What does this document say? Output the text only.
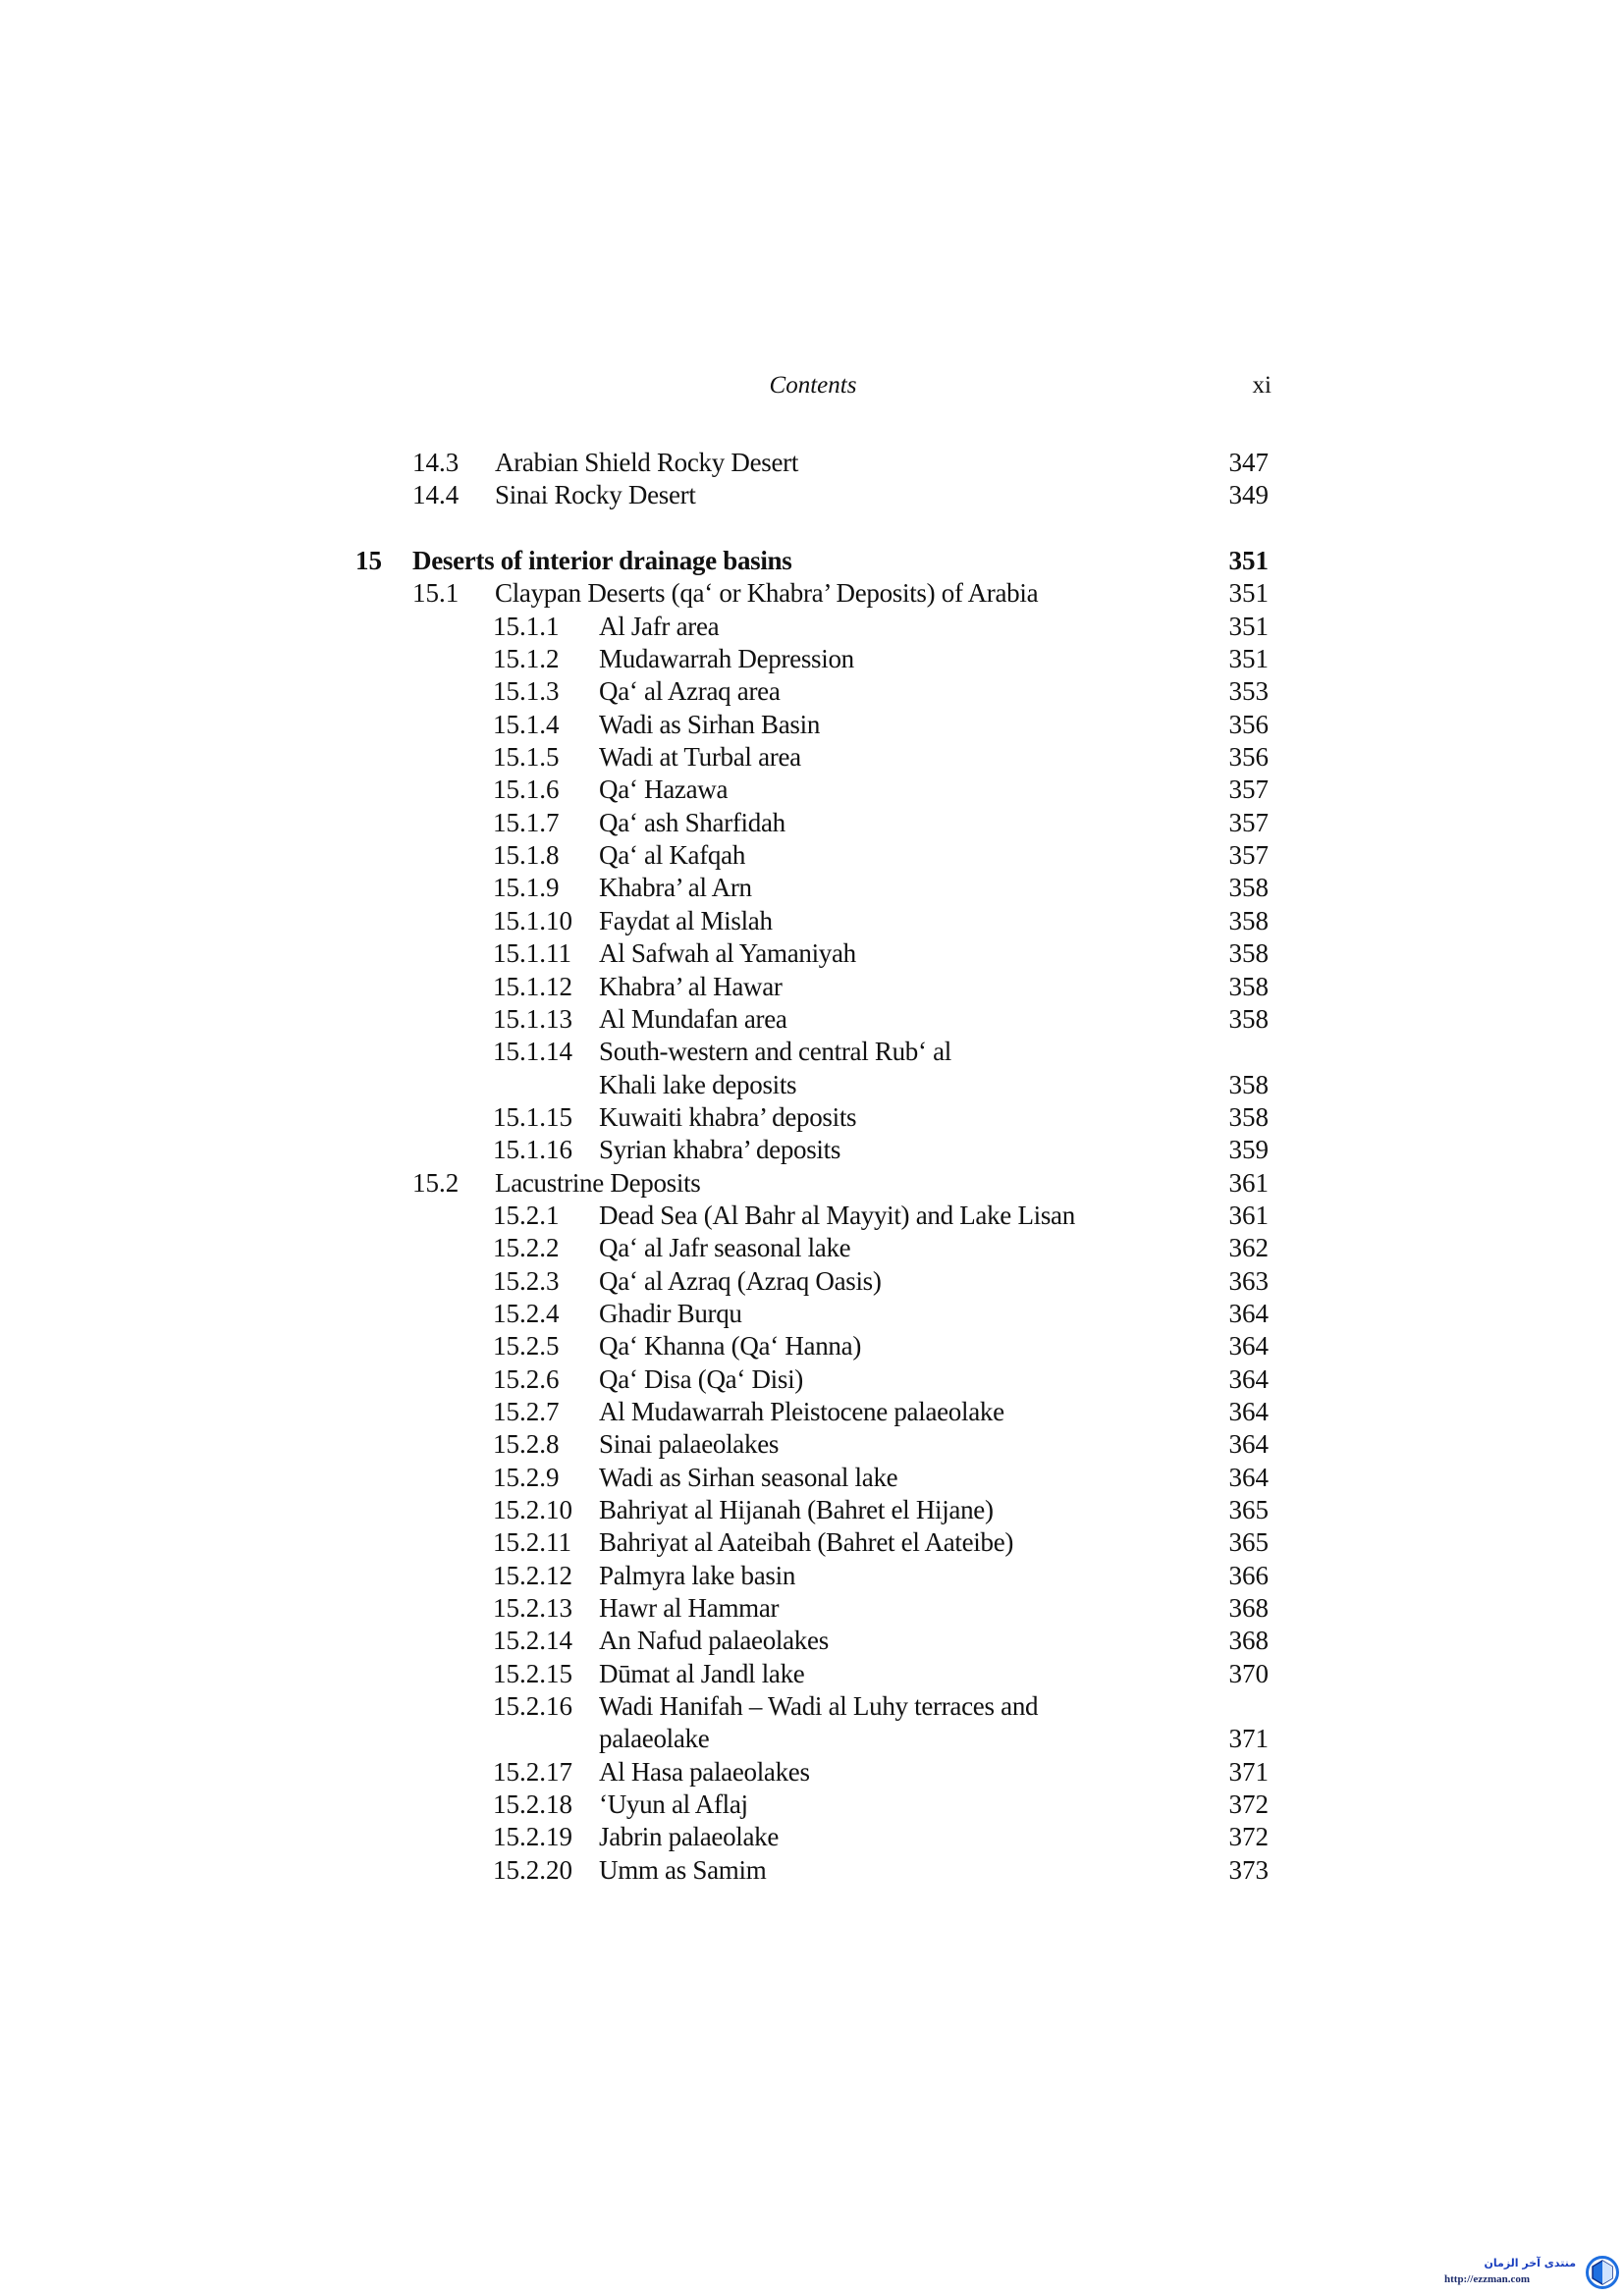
Contents	xi
14.3 Arabian Shield Rocky Desert	347
14.4 Sinai Rocky Desert	349
15 Deserts of interior drainage basins	351
15.1 Claypan Deserts (qa‘ or Khabra’ Deposits) of Arabia	351
15.1.1 Al Jafr area	351
15.1.2 Mudawarrah Depression	351
15.1.3 Qa‘ al Azraq area	353
15.1.4 Wadi as Sirhan Basin	356
15.1.5 Wadi at Turbal area	356
15.1.6 Qa‘ Hazawa	357
15.1.7 Qa‘ ash Sharfidah	357
15.1.8 Qa‘ al Kafqah	357
15.1.9 Khabra’ al Arn	358
15.1.10 Faydat al Mislah	358
15.1.11 Al Safwah al Yamaniyah	358
15.1.12 Khabra’ al Hawar	358
15.1.13 Al Mundafan area	358
15.1.14 South-western and central Rub‘ al
Khali lake deposits	358
15.1.15 Kuwaiti khabra’ deposits	358
15.1.16 Syrian khabra’ deposits	359
15.2 Lacustrine Deposits	361
15.2.1 Dead Sea (Al Bahr al Mayyit) and Lake Lisan	361
15.2.2 Qa‘ al Jafr seasonal lake	362
15.2.3 Qa‘ al Azraq (Azraq Oasis)	363
15.2.4 Ghadir Burqu	364
15.2.5 Qa‘ Khanna (Qa‘ Hanna)	364
15.2.6 Qa‘ Disa (Qa‘ Disi)	364
15.2.7 Al Mudawarrah Pleistocene palaeolake	364
15.2.8 Sinai palaeolakes	364
15.2.9 Wadi as Sirhan seasonal lake	364
15.2.10 Bahriyat al Hijanah (Bahret el Hijane)	365
15.2.11 Bahriyat al Aateibah (Bahret el Aateibe)	365
15.2.12 Palmyra lake basin	366
15.2.13 Hawr al Hammar	368
15.2.14 An Nafud palaeolakes	368
15.2.15 Dūmat al Jandl lake	370
15.2.16 Wadi Hanifah – Wadi al Luhy terraces and
palaeolake	371
15.2.17 Al Hasa palaeolakes	371
15.2.18 ‘Uyun al Aflaj	372
15.2.19 Jabrin palaeolake	372
15.2.20 Umm as Samim	373
منتدى آخر الزمان
http://ezzman.com
